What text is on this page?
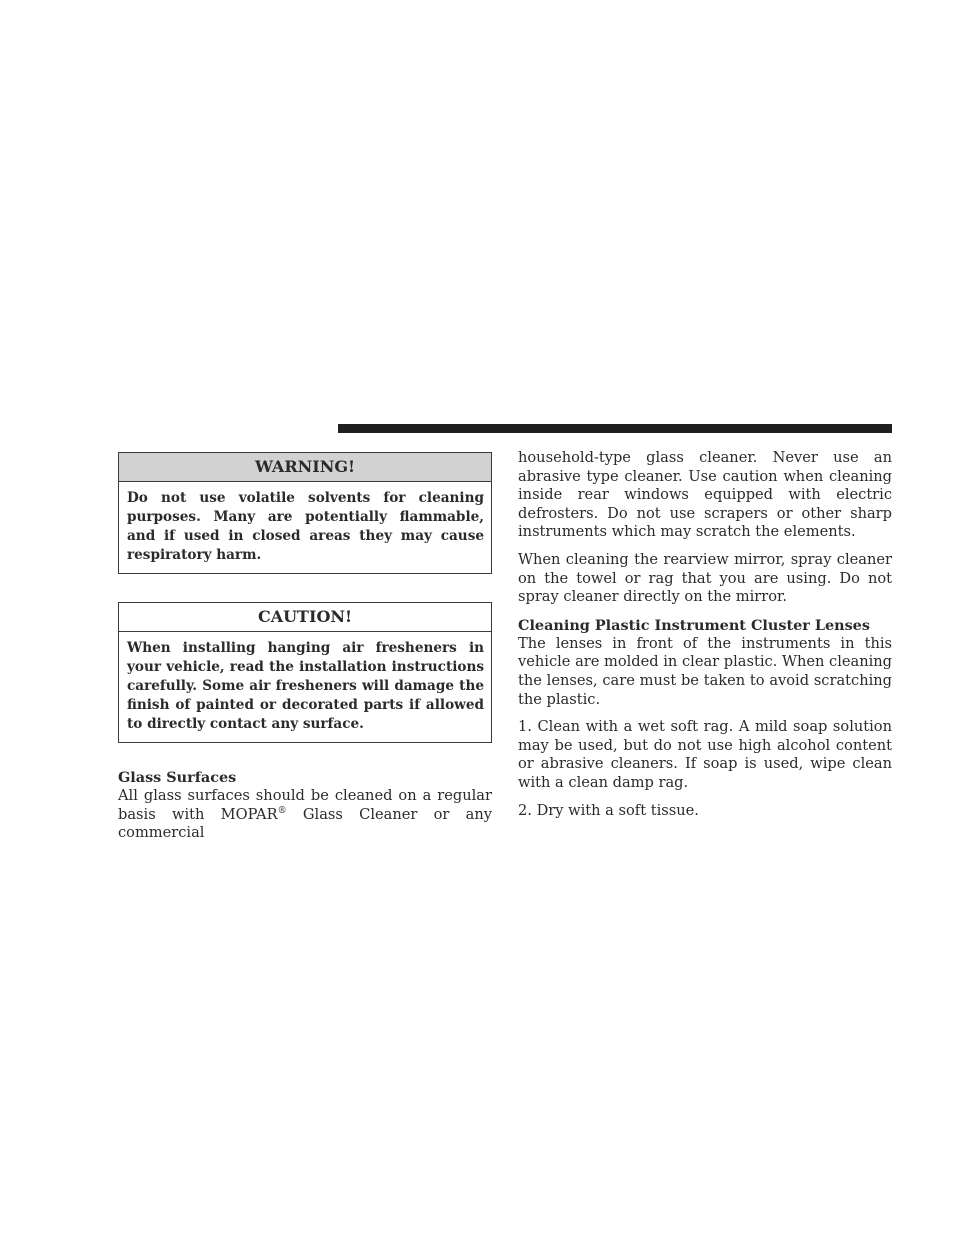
WARNING!
Do not use volatile solvents for cleaning purposes. Many are potentially flammable, and if used in closed areas they may cause respiratory harm.
CAUTION!
When installing hanging air fresheners in your vehicle, read the installation instructions carefully. Some air fresheners will damage the finish of painted or decorated parts if allowed to directly contact any surface.

Glass Surfaces

All glass surfaces should be cleaned on a regular basis with MOPAR® Glass Cleaner or any commercial

household-type glass cleaner. Never use an abrasive type cleaner. Use caution when cleaning inside rear windows equipped with electric defrosters. Do not use scrapers or other sharp instruments which may scratch the elements.

When cleaning the rearview mirror, spray cleaner on the towel or rag that you are using. Do not spray cleaner directly on the mirror.

Cleaning Plastic Instrument Cluster Lenses

The lenses in front of the instruments in this vehicle are molded in clear plastic. When cleaning the lenses, care must be taken to avoid scratching the plastic.

1. Clean with a wet soft rag. A mild soap solution may be used, but do not use high alcohol content or abrasive cleaners. If soap is used, wipe clean with a clean damp rag.

2. Dry with a soft tissue.
